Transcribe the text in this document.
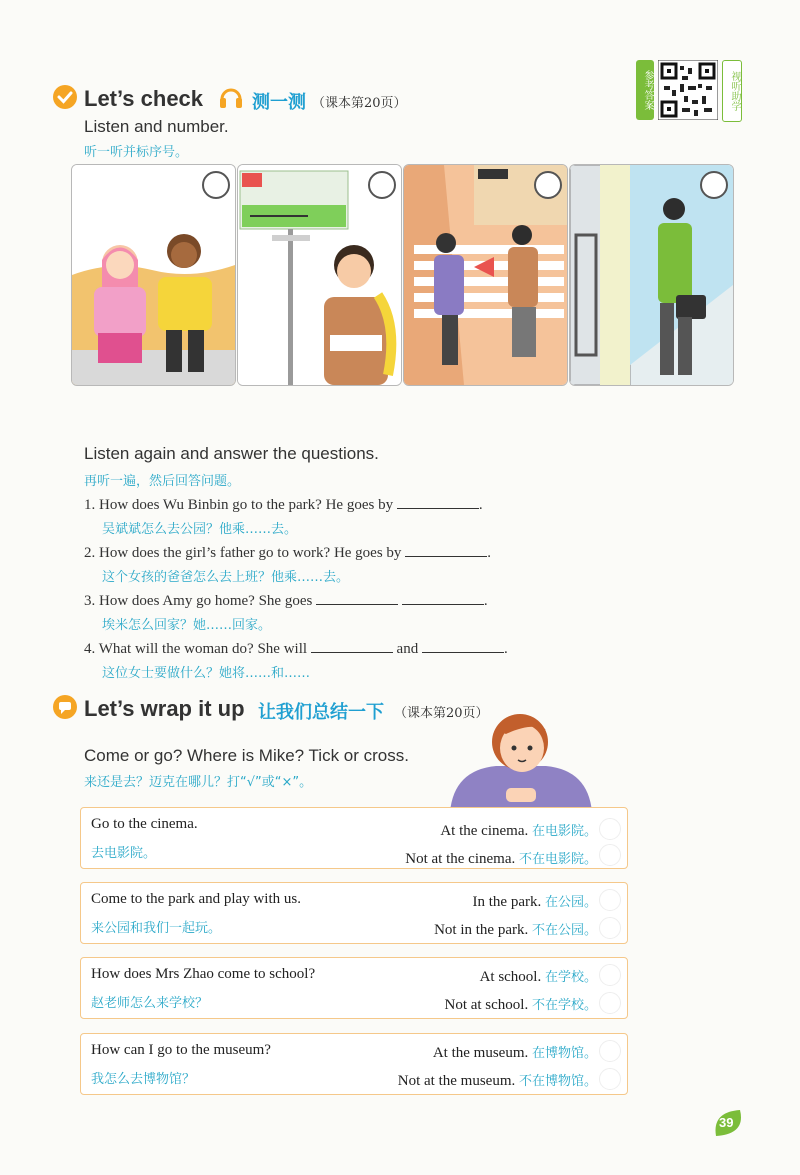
Let’s check	测一测 （课本第20页）
Listen and number.
听一听并标序号。
参考答案	视听助学
Listen again and answer the questions.
再听一遍，然后回答问题。
1. How does Wu Binbin go to the park? He goes by	.
吴斌斌怎么去公园？他乘……去。
2. How does the girl’s father go to work? He goes by	.
这个女孩的爸爸怎么去上班？他乘……去。
3. How does Amy go home? She goes	.
埃米怎么回家？她……回家。
4. What will the woman do? She will	and	.
这位女士要做什么？她将……和……
Let’s wrap it up 让我们总结一下 （课本第20页）
Come or go? Where is Mike? Tick or cross.
来还是去？迈克在哪儿？打“√”或“×”。
Go to the cinema.
去电影院。
At the cinema. 在电影院。
Not at the cinema. 不在电影院。
Come to the park and play with us.
来公园和我们一起玩。
In the park. 在公园。
Not in the park. 不在公园。
How does Mrs Zhao come to school?
赵老师怎么来学校？
At school. 在学校。
Not at school. 不在学校。
How can I go to the museum?
我怎么去博物馆？
At the museum. 在博物馆。
Not at the museum. 不在博物馆。
39
